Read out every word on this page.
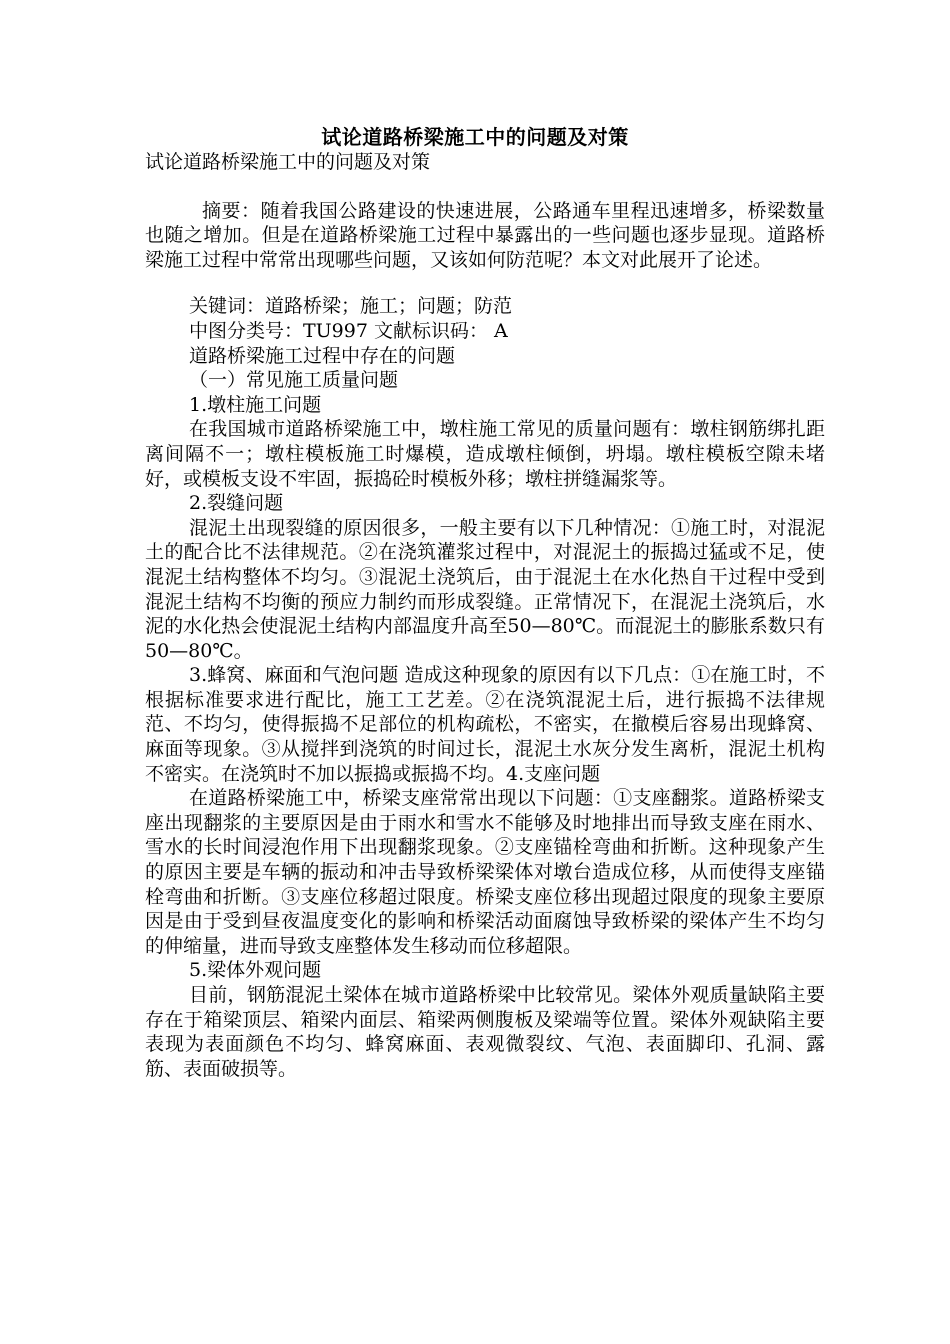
试论道路桥梁施工中的问题及对策

试论道路桥梁施工中的问题及对策

摘要：随着我国公路建设的快速进展，公路通车里程迅速增多，桥梁数量也随之增加。但是在道路桥梁施工过程中暴露出的一些问题也逐步显现。道路桥梁施工过程中常常出现哪些问题，又该如何防范呢？本文对此展开了论述。

关键词：道路桥梁；施工；问题；防范

中图分类号：TU997 文献标识码： A

道路桥梁施工过程中存在的问题

（一）常见施工质量问题

1.墩柱施工问题

在我国城市道路桥梁施工中，墩柱施工常见的质量问题有：墩柱钢筋绑扎距离间隔不一；墩柱模板施工时爆模，造成墩柱倾倒，坍塌。墩柱模板空隙未堵好，或模板支设不牢固，振捣砼时模板外移；墩柱拼缝漏浆等。

2.裂缝问题

混泥土出现裂缝的原因很多，一般主要有以下几种情况：①施工时，对混泥土的配合比不法律规范。②在浇筑灌浆过程中，对混泥土的振捣过猛或不足，使混泥土结构整体不均匀。③混泥土浇筑后，由于混泥土在水化热自干过程中受到混泥土结构不均衡的预应力制约而形成裂缝。正常情况下，在混泥土浇筑后，水泥的水化热会使混泥土结构内部温度升高至50—80℃。而混泥土的膨胀系数只有50—80℃。

3.蜂窝、麻面和气泡问题 造成这种现象的原因有以下几点：①在施工时，不根据标准要求进行配比，施工工艺差。②在浇筑混泥土后，进行振捣不法律规范、不均匀，使得振捣不足部位的机构疏松，不密实，在撤模后容易出现蜂窝、麻面等现象。③从搅拌到浇筑的时间过长，混泥土水灰分发生离析，混泥土机构不密实。在浇筑时不加以振捣或振捣不均。4.支座问题

在道路桥梁施工中，桥梁支座常常出现以下问题：①支座翻浆。道路桥梁支座出现翻浆的主要原因是由于雨水和雪水不能够及时地排出而导致支座在雨水、雪水的长时间浸泡作用下出现翻浆现象。②支座锚栓弯曲和折断。这种现象产生的原因主要是车辆的振动和冲击导致桥梁梁体对墩台造成位移，从而使得支座锚栓弯曲和折断。③支座位移超过限度。桥梁支座位移出现超过限度的现象主要原因是由于受到昼夜温度变化的影响和桥梁活动面腐蚀导致桥梁的梁体产生不均匀的伸缩量，进而导致支座整体发生移动而位移超限。

5.梁体外观问题

目前，钢筋混泥土梁体在城市道路桥梁中比较常见。梁体外观质量缺陷主要存在于箱梁顶层、箱梁内面层、箱梁两侧腹板及梁端等位置。梁体外观缺陷主要表现为表面颜色不均匀、蜂窝麻面、表观微裂纹、气泡、表面脚印、孔洞、露筋、表面破损等。
